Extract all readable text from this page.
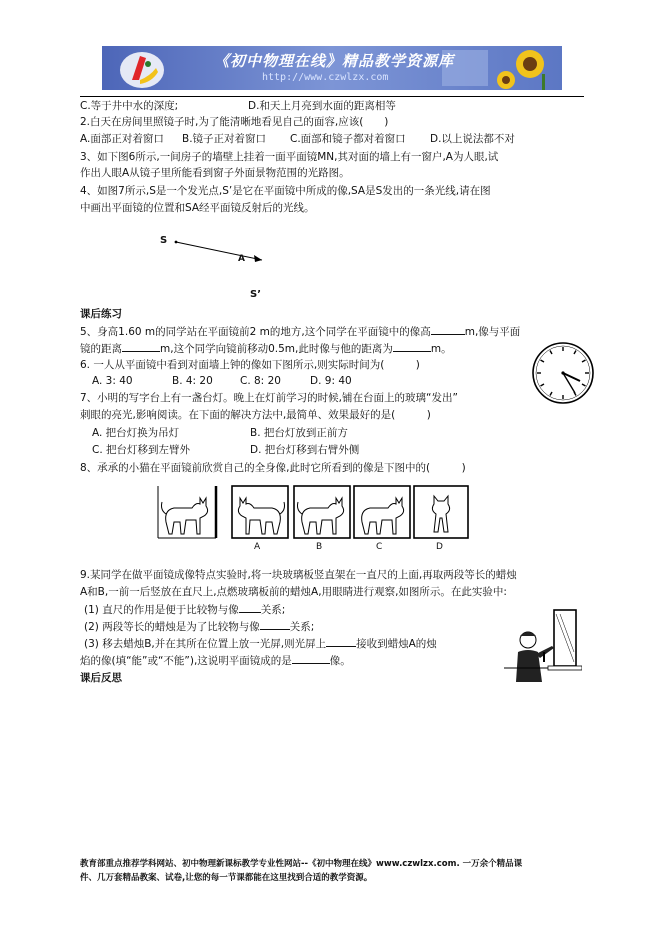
《初中物理在线》精品教学资源库
http://www.czwlzx.com
C.等于井中水的深度;	D.和天上月亮到水面的距离相等
2.白天在房间里照镜子时,为了能清晰地看见自己的面容,应该(　　)
A.面部正对着窗口 B.镜子正对着窗口 C.面部和镜子都对着窗口 D.以上说法都不对
3、如下图6所示,一间房子的墙壁上挂着一面平面镜MN,其对面的墙上有一窗户,A为人眼,试
作出人眼A从镜子里所能看到窗子外面景物范围的光路图。
4、如图7所示,S是一个发光点,S’是它在平面镜中所成的像,SA是S发出的一条光线,请在图
中画出平面镜的位置和SA经平面镜反射后的光线。
S
A
S’
课后练习
5、身高1.60 m的同学站在平面镜前2 m的地方,这个同学在平面镜中的像高	m,像与平面
镜的距离	m,这个同学向镜前移动0.5m,此时像与他的距离为	m。
6. 一人从平面镜中看到对面墙上钟的像如下图所示,则实际时间为(　　　)
A. 3: 40	B. 4: 20	C. 8: 20	D. 9: 40
7、小明的写字台上有一盏台灯。晚上在灯前学习的时候,铺在台面上的玻璃“发出”
刺眼的亮光,影响阅读。在下面的解决方法中,最简单、效果最好的是(　　　)
A. 把台灯换为吊灯	B. 把台灯放到正前方
C. 把台灯移到左臂外	D. 把台灯移到右臂外侧
8、承承的小猫在平面镜前欣赏自己的全身像,此时它所看到的像是下图中的(　　　)
A	B	C	D
9.某同学在做平面镜成像特点实验时,将一块玻璃板竖直架在一直尺的上面,再取两段等长的蜡烛
A和B,一前一后竖放在直尺上,点燃玻璃板前的蜡烛A,用眼睛进行观察,如图所示。在此实验中:
(1) 直尺的作用是便于比较物与像 关系;
(2) 两段等长的蜡烛是为了比较物与像	关系;
(3) 移去蜡烛B,并在其所在位置上放一光屏,则光屏上	接收到蜡烛A的烛
焰的像(填“能”或“不能”),这说明平面镜成的是	像。
课后反思
教育部重点推荐学科网站、初中物理新课标教学专业性网站--《初中物理在线》www.czwlzx.com. 一万余个精品课
件、几万套精品教案、试卷,让您的每一节课都能在这里找到合适的教学资源。
